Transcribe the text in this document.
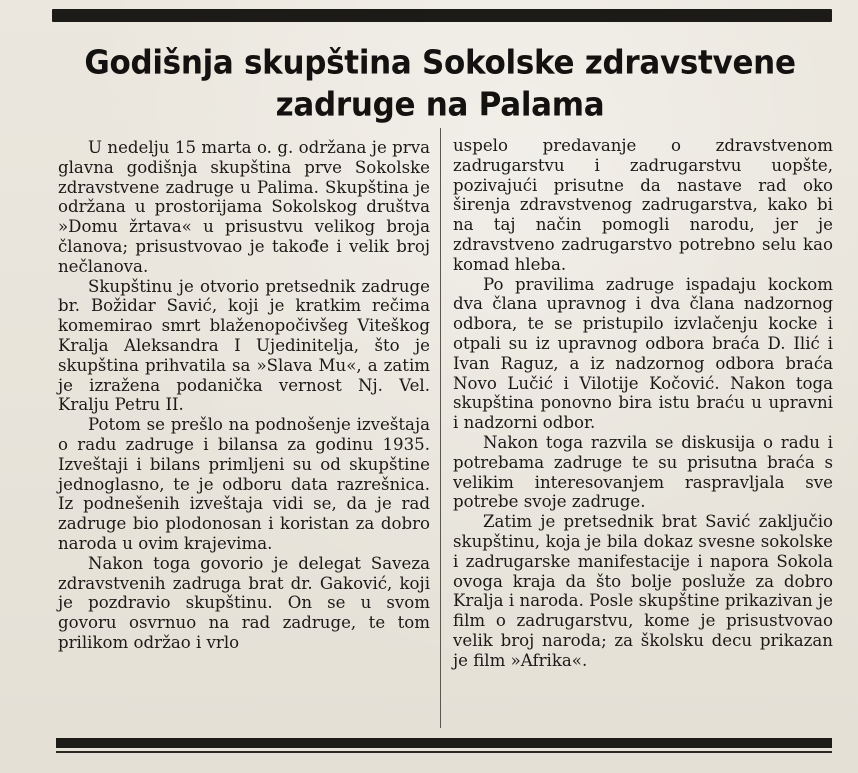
Godišnja skupština Sokolske zdravstvene
zadruge na Palama

U nedelju 15 marta o. g. održana je prva glavna godišnja skupština prve Sokolske zdravstvene zadruge u Palima. Skupština je održana u prostorijama Sokolskog društva »Domu žrtava« u prisustvu velikog broja članova; prisustvovao je takođe i velik broj nečlanova.

Skupštinu je otvorio pretsednik zadruge br. Božidar Savić, koji je kratkim rečima komemirao smrt blaženopočivšeg Viteškog Kralja Aleksandra I Ujedinitelja, što je skupština prihvatila sa »Slava Mu«, a zatim je izražena podanička vernost Nj. Vel. Kralju Petru II.

Potom se prešlo na podnošenje izveštaja o radu zadruge i bilansa za godinu 1935. Izveštaji i bilans primljeni su od skupštine jednoglasno, te je odboru data razrešnica. Iz podnešenih izveštaja vidi se, da je rad zadruge bio plodonosan i koristan za dobro naroda u ovim krajevima.

Nakon toga govorio je delegat Saveza zdravstvenih zadruga brat dr. Gaković, koji je pozdravio skupštinu. On se u svom govoru osvrnuo na rad zadruge, te tom prilikom održao i vrlo

uspelo predavanje o zdravstvenom zadrugarstvu i zadrugarstvu uopšte, pozivajući prisutne da nastave rad oko širenja zdravstvenog zadrugarstva, kako bi na taj način pomogli narodu, jer je zdravstveno zadrugarstvo potrebno selu kao komad hleba.

Po pravilima zadruge ispadaju kockom dva člana upravnog i dva člana nadzornog odbora, te se pristupilo izvlačenju kocke i otpali su iz upravnog odbora braća D. Ilić i Ivan Raguz, a iz nadzornog odbora braća Novo Lučić i Vilotije Kočović. Nakon toga skupština ponovno bira istu braću u upravni i nadzorni odbor.

Nakon toga razvila se diskusija o radu i potrebama zadruge te su prisutna braća s velikim interesovanjem raspravljala sve potrebe svoje zadruge.

Zatim je pretsednik brat Savić zaključio skupštinu, koja je bila dokaz svesne sokolske i zadrugarske manifestacije i napora Sokola ovoga kraja da što bolje posluže za dobro Kralja i naroda. Posle skupštine prikazivan je film o zadrugarstvu, kome je prisustvovao velik broj naroda; za školsku decu prikazan je film »Afrika«.
